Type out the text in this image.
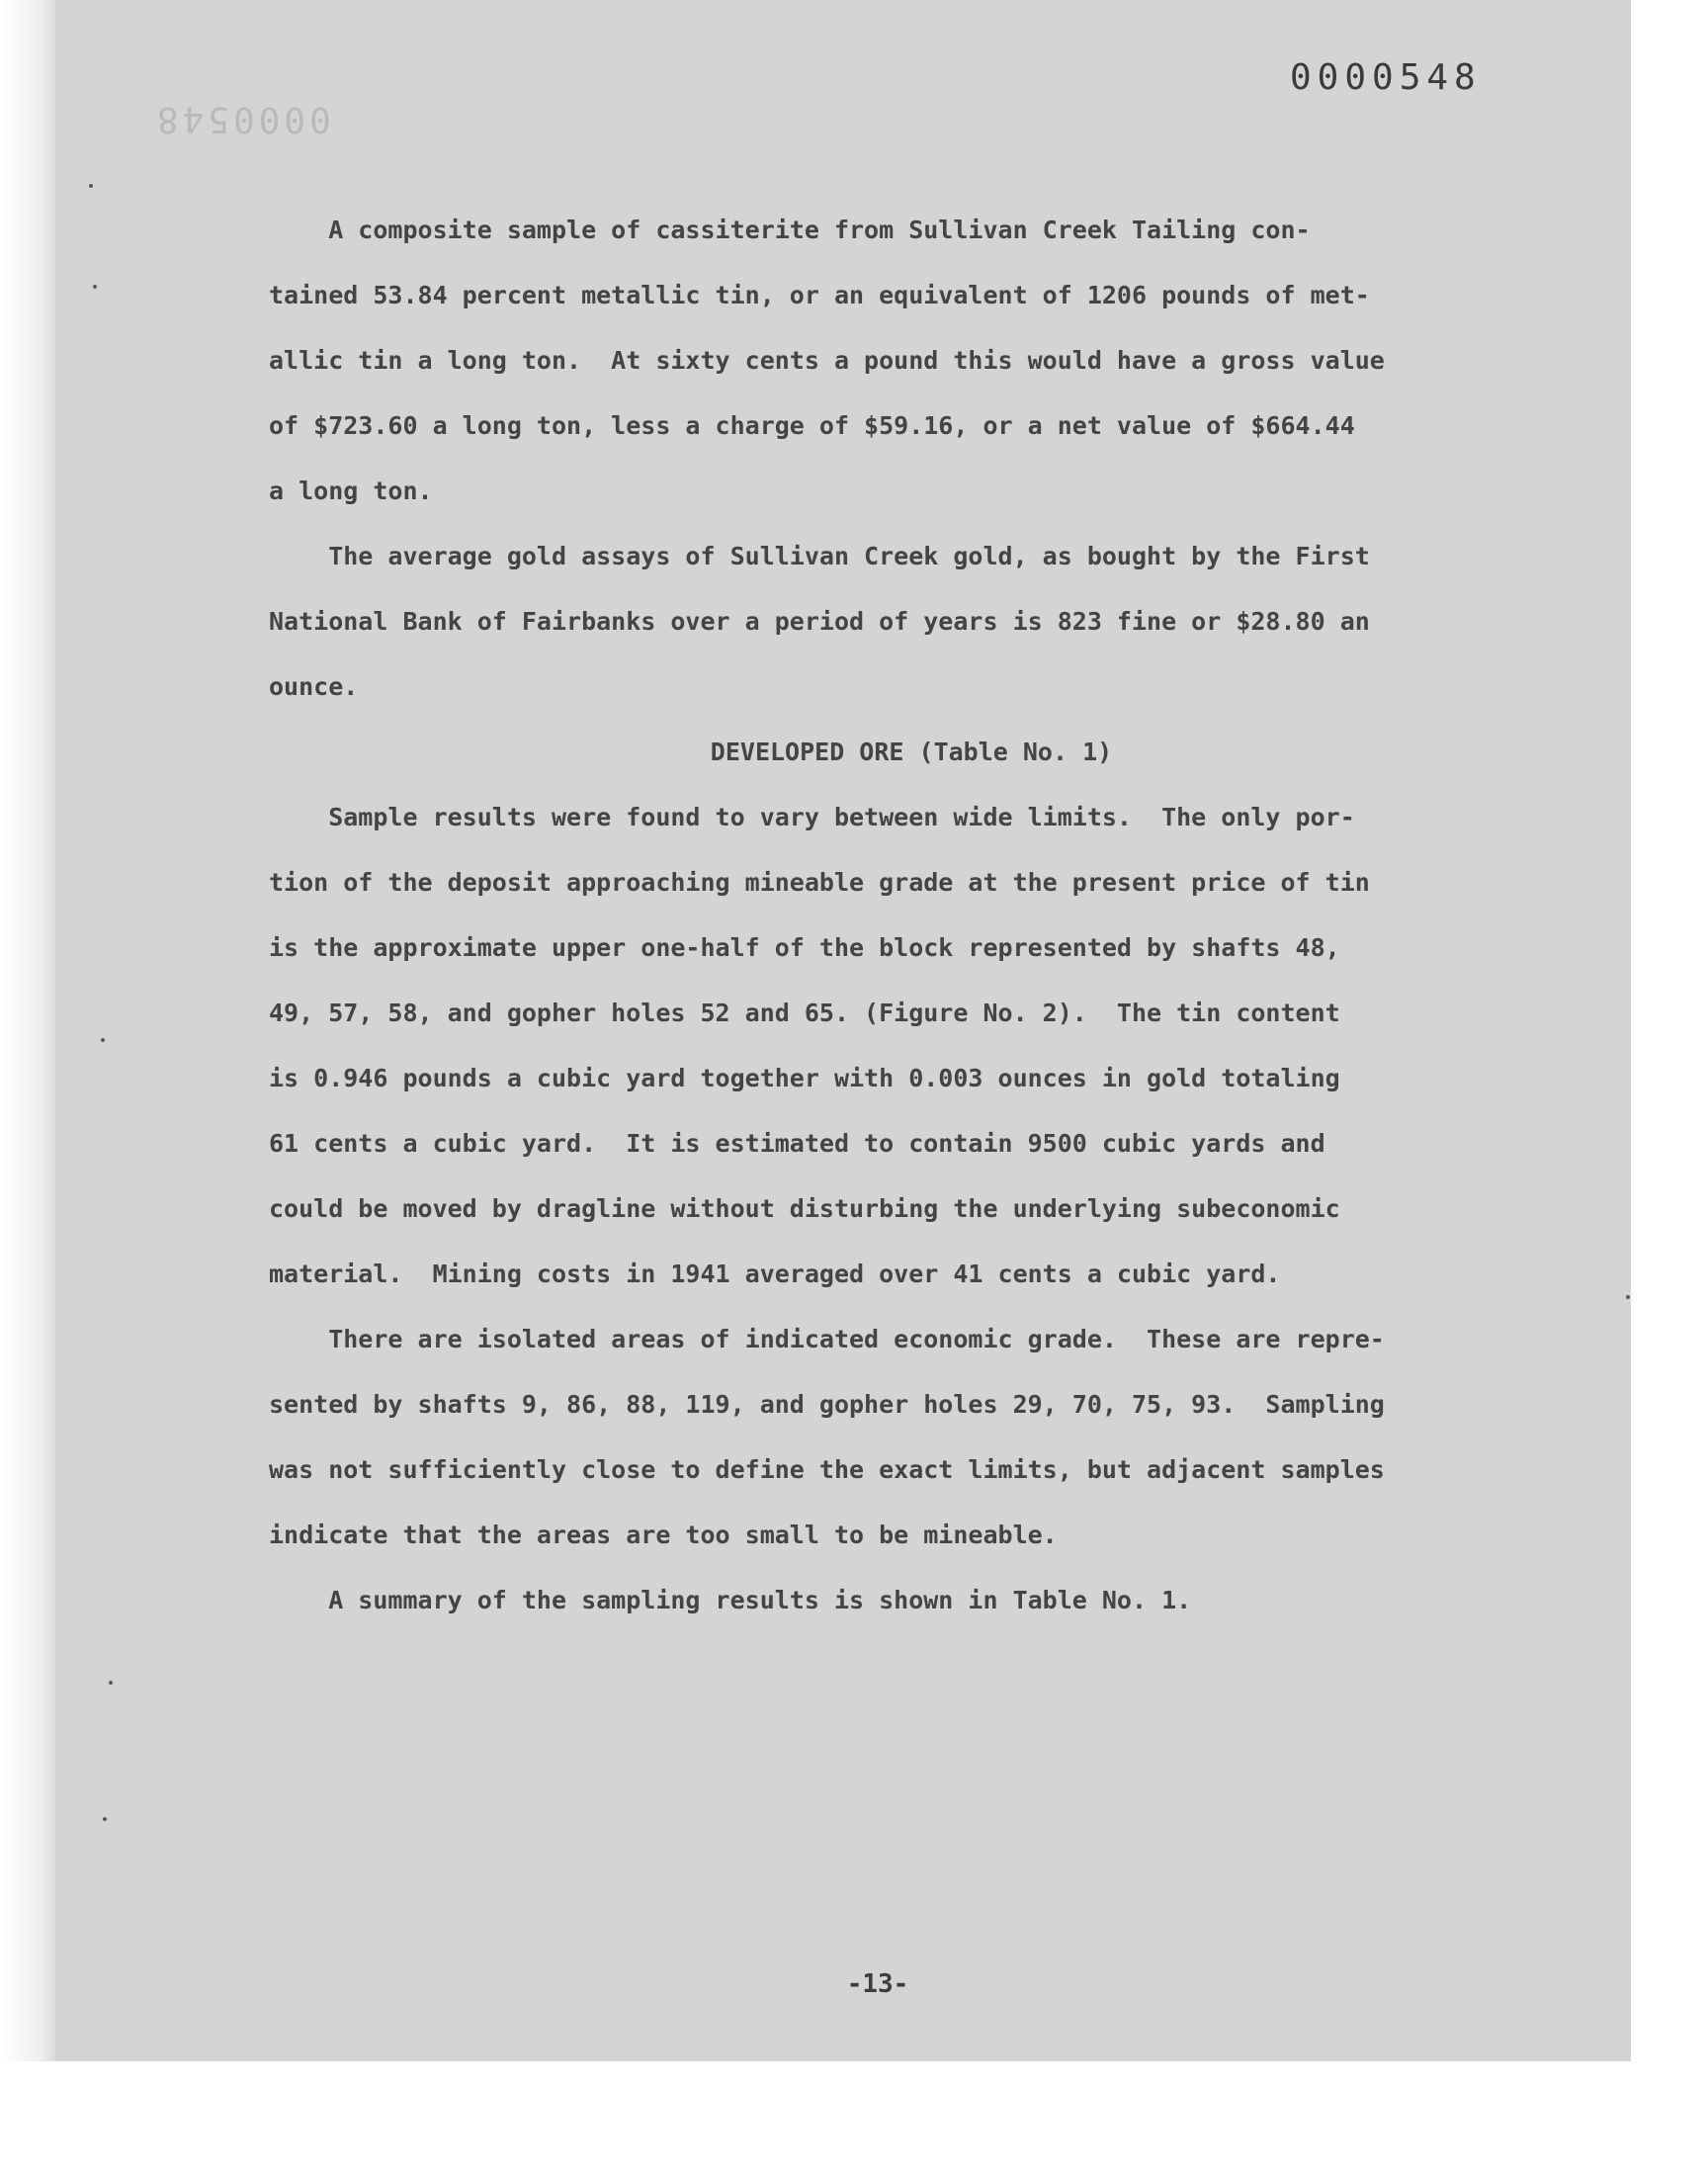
0000548
0000548
A composite sample of cassiterite from Sullivan Creek Tailing con-
tained 53.84 percent metallic tin, or an equivalent of 1206 pounds of met-
allic tin a long ton.  At sixty cents a pound this would have a gross value
of $723.60 a long ton, less a charge of $59.16, or a net value of $664.44
a long ton.
The average gold assays of Sullivan Creek gold, as bought by the First
National Bank of Fairbanks over a period of years is 823 fine or $28.80 an
ounce.
DEVELOPED ORE (Table No. 1)
Sample results were found to vary between wide limits.  The only por-
tion of the deposit approaching mineable grade at the present price of tin
is the approximate upper one-half of the block represented by shafts 48,
49, 57, 58, and gopher holes 52 and 65. (Figure No. 2).  The tin content
is 0.946 pounds a cubic yard together with 0.003 ounces in gold totaling
61 cents a cubic yard.  It is estimated to contain 9500 cubic yards and
could be moved by dragline without disturbing the underlying subeconomic
material.  Mining costs in 1941 averaged over 41 cents a cubic yard.
There are isolated areas of indicated economic grade.  These are repre-
sented by shafts 9, 86, 88, 119, and gopher holes 29, 70, 75, 93.  Sampling
was not sufficiently close to define the exact limits, but adjacent samples
indicate that the areas are too small to be mineable.
A summary of the sampling results is shown in Table No. 1.
-13-
